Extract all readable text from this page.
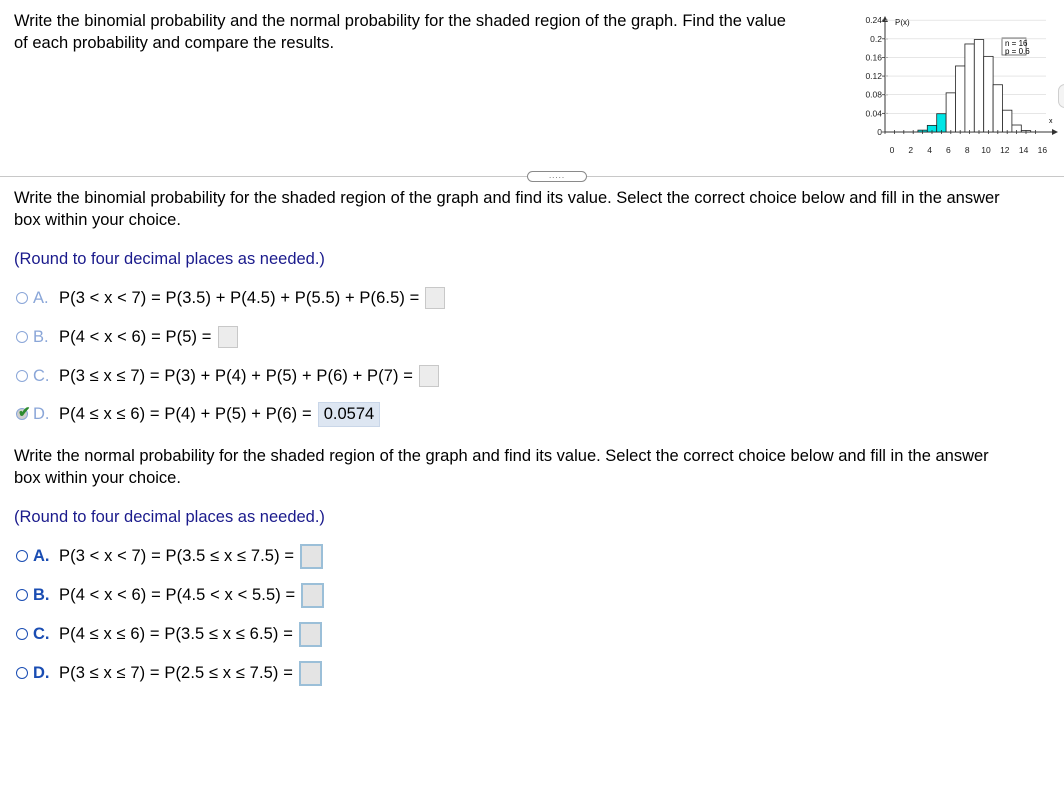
Write the binomial probability and the normal probability for the shaded region of the graph. Find the value
of each probability and compare the results.
P(x)
x
n = 16
p = 0.6
0.24
0.2
0.16
0.12
0.08
0.04
0
0 2 4 6 8 10 12 14 16
.....
Write the binomial probability for the shaded region of the graph and find its value. Select the correct choice below and fill in the answer
box within your choice.
(Round to four decimal places as needed.)
A. P(3 < x < 7) = P(3.5) + P(4.5) + P(5.5) + P(6.5) =
B. P(4 < x < 6) = P(5) =
C. P(3 ≤ x ≤ 7) = P(3) + P(4) + P(5) + P(6) + P(7) =
✔ D. P(4 ≤ x ≤ 6) = P(4) + P(5) + P(6) = 0.0574
Write the normal probability for the shaded region of the graph and find its value. Select the correct choice below and fill in the answer
box within your choice.
(Round to four decimal places as needed.)
A. P(3 < x < 7) = P(3.5 ≤ x ≤ 7.5) =
B. P(4 < x < 6) = P(4.5 < x < 5.5) =
C. P(4 ≤ x ≤ 6) = P(3.5 ≤ x ≤ 6.5) =
D. P(3 ≤ x ≤ 7) = P(2.5 ≤ x ≤ 7.5) =
